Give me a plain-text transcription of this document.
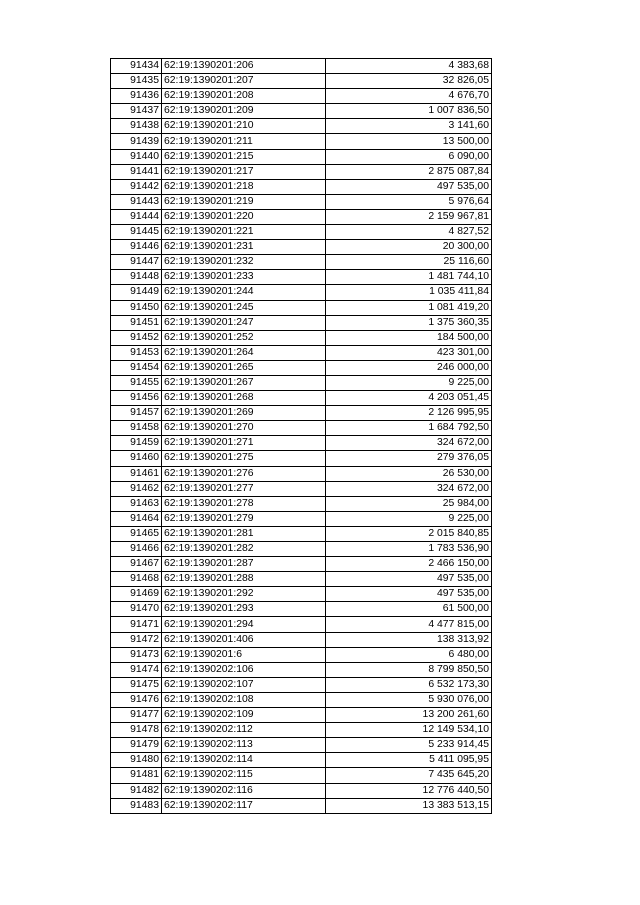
91434	62:19:1390201:206	4 383,68
91435	62:19:1390201:207	32 826,05
91436	62:19:1390201:208	4 676,70
91437	62:19:1390201:209	1 007 836,50
91438	62:19:1390201:210	3 141,60
91439	62:19:1390201:211	13 500,00
91440	62:19:1390201:215	6 090,00
91441	62:19:1390201:217	2 875 087,84
91442	62:19:1390201:218	497 535,00
91443	62:19:1390201:219	5 976,64
91444	62:19:1390201:220	2 159 967,81
91445	62:19:1390201:221	4 827,52
91446	62:19:1390201:231	20 300,00
91447	62:19:1390201:232	25 116,60
91448	62:19:1390201:233	1 481 744,10
91449	62:19:1390201:244	1 035 411,84
91450	62:19:1390201:245	1 081 419,20
91451	62:19:1390201:247	1 375 360,35
91452	62:19:1390201:252	184 500,00
91453	62:19:1390201:264	423 301,00
91454	62:19:1390201:265	246 000,00
91455	62:19:1390201:267	9 225,00
91456	62:19:1390201:268	4 203 051,45
91457	62:19:1390201:269	2 126 995,95
91458	62:19:1390201:270	1 684 792,50
91459	62:19:1390201:271	324 672,00
91460	62:19:1390201:275	279 376,05
91461	62:19:1390201:276	26 530,00
91462	62:19:1390201:277	324 672,00
91463	62:19:1390201:278	25 984,00
91464	62:19:1390201:279	9 225,00
91465	62:19:1390201:281	2 015 840,85
91466	62:19:1390201:282	1 783 536,90
91467	62:19:1390201:287	2 466 150,00
91468	62:19:1390201:288	497 535,00
91469	62:19:1390201:292	497 535,00
91470	62:19:1390201:293	61 500,00
91471	62:19:1390201:294	4 477 815,00
91472	62:19:1390201:406	138 313,92
91473	62:19:1390201:6	6 480,00
91474	62:19:1390202:106	8 799 850,50
91475	62:19:1390202:107	6 532 173,30
91476	62:19:1390202:108	5 930 076,00
91477	62:19:1390202:109	13 200 261,60
91478	62:19:1390202:112	12 149 534,10
91479	62:19:1390202:113	5 233 914,45
91480	62:19:1390202:114	5 411 095,95
91481	62:19:1390202:115	7 435 645,20
91482	62:19:1390202:116	12 776 440,50
91483	62:19:1390202:117	13 383 513,15
